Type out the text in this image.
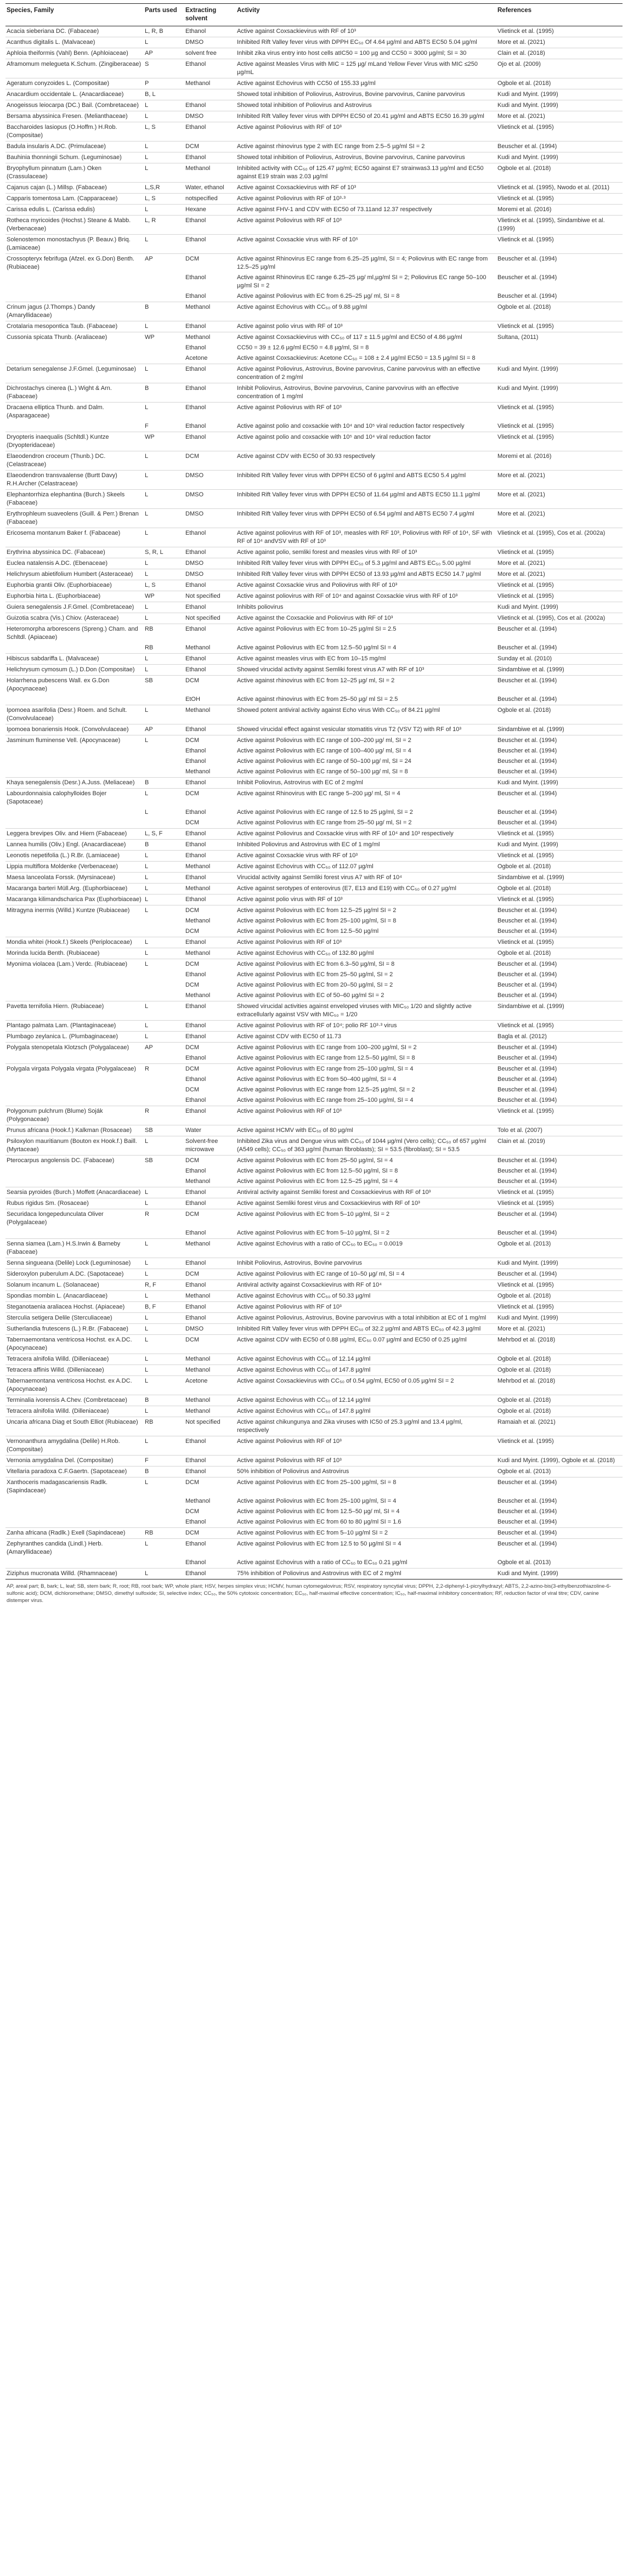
Species, Family	Parts used	Extracting solvent	Activity	References
Acacia sieberiana DC. (Fabaceae)	L, R, B	Ethanol	Active against Coxsackievirus with RF of 10³	Vlietinck et al. (1995)
Acanthus digitalis L. (Malvaceae)	L	DMSO	Inhibited Rift Valley fever virus with DPPH EC₅₀ Of 4.64 µg/ml and ABTS EC50 5.04 µg/ml	More et al. (2021)
Aphloia theiformis (Vahl) Benn. (Aphloiaceae)	AP	solvent free	Inhibit zika virus entry into host cells atIC50 = 100 µg and CC50 = 3000 µg/ml; SI = 30	Clain et al. (2018)
Aframomum melegueta K.Schum. (Zingiberaceae)	S	Ethanol	Active against Measles Virus with MIC = 125 µg/ mLand Yellow Fever Virus with MIC ≤250 µg/mL	Ojo et al. (2009)
Ageratum conyzoides L. (Compositae)	P	Methanol	Active against Echovirus with CC50 of 155.33 µg/ml	Ogbole et al. (2018)
Anacardium occidentale L. (Anacardiaceae)	B, L		Showed total inhibition of Poliovirus, Astrovirus, Bovine parvovirus, Canine parvovirus	Kudi and Myint. (1999)
Anogeissus leiocarpa (DC.) Bail. (Combretaceae)	L	Ethanol	Showed total inhibition of Poliovirus and Astrovirus	Kudi and Myint. (1999)
Bersama abyssinica Fresen. (Melianthaceae)	L	DMSO	Inhibited Rift Valley fever virus with DPPH EC50 of 20.41 µg/ml and ABTS EC50 16.39 µg/ml	More et al. (2021)
Baccharoides lasiopus (O.Hoffm.) H.Rob. (Compositae)	L, S	Ethanol	Active against Poliovirus with RF of 10³	Vlietinck et al. (1995)
Badula insularis A.DC. (Primulaceae)	L	DCM	Active against rhinovirus type 2 with EC range from 2.5–5 µg/ml SI = 2	Beuscher et al. (1994)
Bauhinia thonningii Schum. (Leguminosae)	L	Ethanol	Showed total inhibition of Poliovirus, Astrovirus, Bovine parvovirus, Canine parvovirus	Kudi and Myint. (1999)
Bryophyllum pinnatum (Lam.) Oken (Crassulaceae)	L	Methanol	Inhibited activity with CC₅₀ of 125.47 µg/ml; EC50 against E7 strainwas3.13 µg/ml and EC50 against E19 strain was 2.03 µg/ml	Ogbole et al. (2018)
Cajanus cajan (L.) Millsp. (Fabaceae)	L,S,R	Water, ethanol	Active against Coxsackievirus with RF of 10³	Vlietinck et al. (1995), Nwodo et al. (2011)
Capparis tomentosa Lam. (Capparaceae)	L, S	notspecified	Active against Poliovirus with RF of 10³·³	Vlietinck et al. (1995)
Carissa edulis L. (Carissa edulis)	L	Hexane	Active against FHV-1 and CDV with EC50 of 73.11and 12.37 respectively	Moremi et al. (2016)
Rotheca myricoides (Hochst.) Steane & Mabb. (Verbenaceae)	L, R	Ethanol	Active against Poliovirus with RF of 10³	Vlietinck et al. (1995), Sindambiwe et al. (1999)
Solenostemon monostachyus (P. Beauv.) Briq. (Lamiaceae)	L	Ethanol	Active against Coxsackie virus with RF of 10⁵	Vlietinck et al. (1995)
Crossopteryx febrifuga (Afzel. ex G.Don) Benth. (Rubiaceae)	AP	DCM	Active against Rhinovirus EC range from 6.25–25 µg/ml, SI = 4; Poliovirus with EC range from 12.5–25 µg/ml	Beuscher et al. (1994)
		Ethanol	Active against Rhinovirus EC range 6.25–25 µg/ ml,µg/ml SI = 2; Poliovirus EC range 50–100 µg/ml SI = 2	Beuscher et al. (1994)
		Ethanol	Active against Poliovirus with EC from 6.25–25 µg/ ml, SI = 8	Beuscher et al. (1994)
Crinum jagus (J.Thomps.) Dandy (Amaryllidaceae)	B	Methanol	Active against Echovirus with CC₅₀ of 9.88 µg/ml	Ogbole et al. (2018)
Crotalaria mesopontica Taub. (Fabaceae)	L	Ethanol	Active against polio virus with RF of 10³	Vlietinck et al. (1995)
Cussonia spicata Thunb. (Araliaceae)	WP	Methanol	Active against Coxsackievirus with CC₅₀ of 117 ± 11.5 µg/ml and EC50 of 4.86 µg/ml	Sultana, (2011)
		Ethanol	CC50 = 39 ± 12.6 µg/ml EC50 = 4.8 µg/ml, SI = 8	
		Acetone	Active against Coxsackievirus: Acetone CC₅₀ = 108 ± 2.4 µg/ml EC50 = 13.5 µg/ml SI = 8	
Detarium senegalense J.F.Gmel. (Leguminosae)	L	Ethanol	Active against Poliovirus, Astrovirus, Bovine parvovirus, Canine parvovirus with an effective concentration of 2 mg/ml	Kudi and Myint. (1999)
Dichrostachys cinerea (L.) Wight & Arn. (Fabaceae)	B	Ethanol	Inhibit Poliovirus, Astrovirus, Bovine parvovirus, Canine parvovirus with an effective concentration of 1 mg/ml	Kudi and Myint. (1999)
Dracaena elliptica Thunb. and Dalm. (Asparagaceae)	L	Ethanol	Active against Poliovirus with RF of 10³	Vlietinck et al. (1995)
	F	Ethanol	Active against polio and coxsackie with 10⁴ and 10⁵ viral reduction factor respectively	Vlietinck et al. (1995)
Dryopteris inaequalis (Schltdl.) Kuntze (Dryopteridaceae)	WP	Ethanol	Active against polio and coxsackie with 10⁵ and 10⁴ viral reduction factor	Vlietinck et al. (1995)
Elaeodendron croceum (Thunb.) DC. (Celastraceae)	L	DCM	Active against CDV with EC50 of 30.93 respectively	Moremi et al. (2016)
Elaeodendron transvaalense (Burtt Davy) R.H.Archer (Celastraceae)	L	DMSO	Inhibited Rift Valley fever virus with DPPH EC50 of 6 µg/ml and ABTS EC50 5.4 µg/ml	More et al. (2021)
Elephantorrhiza elephantina (Burch.) Skeels (Fabaceae)	L	DMSO	Inhibited Rift Valley fever virus with DPPH EC50 of 11.64 µg/ml and ABTS EC50 11.1 µg/ml	More et al. (2021)
Erythrophleum suaveolens (Guill. & Perr.) Brenan (Fabaceae)	L	DMSO	Inhibited Rift Valley fever virus with DPPH EC50 of 6.54 µg/ml and ABTS EC50 7.4 µg/ml	More et al. (2021)
Ericosema montanum Baker f. (Fabaceae)	L	Ethanol	Active against poliovirus with RF of 10³, measles with RF 10³, Poliovirus with RF of 10⁴, SF with RF of 10⁴ andVSV with RF of 10³	Vlietinck et al. (1995), Cos et al. (2002a)
Erythrina abyssinica DC. (Fabaceae)	S, R, L	Ethanol	Active against polio, semliki forest and measles virus with RF of 10³	Vlietinck et al. (1995)
Euclea natalensis A.DC. (Ebenaceae)	L	DMSO	Inhibited Rift Valley fever virus with DPPH EC₅₀ of 5.3 µg/ml and ABTS EC₅₀ 5.00 µg/ml	More et al. (2021)
Helichrysum abietifolium Humbert (Asteraceae)	L	DMSO	Inhibited Rift Valley fever virus with DPPH EC50 of 13.93 µg/ml and ABTS EC50 14.7 µg/ml	More et al. (2021)
Euphorbia grantii Oliv. (Euphorbiaceae)	L, S	Ethanol	Active against Coxsackie virus and Poliovirus with RF of 10³	Vlietinck et al. (1995)
Euphorbia hirta L. (Euphorbiaceae)	WP	Not specified	Active against poliovirus with RF of 10⁴ and against Coxsackie virus with RF of 10³	Vlietinck et al. (1995)
Guiera senegalensis J.F.Gmel. (Combretaceae)	L	Ethanol	Inhibits poliovirus	Kudi and Myint. (1999)
Guizotia scabra (Vis.) Chiov. (Asteraceae)	L	Not specified	Active against the Coxsackie and Poliovirus with RF of 10³	Vlietinck et al. (1995), Cos et al. (2002a)
Heteromorpha arborescens (Spreng.) Cham. and Schltdl. (Apiaceae)	RB	Ethanol	Active against Poliovirus with EC from 10–25 µg/ml SI = 2.5	Beuscher et al. (1994)
	RB	Methanol	Active against Poliovirus with EC from 12.5–50 µg/ml SI = 4	Beuscher et al. (1994)
Hibiscus sabdariffa L. (Malvaceae)	L	Ethanol	Active against measles virus with EC from 10–15 mg/ml	Sunday et al. (2010)
Helichrysum cymosum (L.) D.Don (Compositae)	L	Ethanol	Showed virucidal activity against Semliki forest virus A7 with RF of 10³	Sindambiwe et al. (1999)
Holarrhena pubescens Wall. ex G.Don (Apocynaceae)	SB	DCM	Active against rhinovirus with EC from 12–25 µg/ ml, SI = 2	Beuscher et al. (1994)
		EtOH	Active against rhinovirus with EC from 25–50 µg/ ml SI = 2.5	Beuscher et al. (1994)
Ipomoea asarifolia (Desr.) Roem. and Schult. (Convolvulaceae)	L	Methanol	Showed potent antiviral activity against Echo virus With CC₅₀ of 84.21 µg/ml	Ogbole et al. (2018)
Ipomoea bonariensis Hook. (Convolvulaceae)	AP	Ethanol	Showed virucidal effect against vesicular stomatitis virus T2 (VSV T2) with RF of 10³	Sindambiwe et al. (1999)
Jasminum fluminense Vell. (Apocynaceae)	L	DCM	Active against Poliovirus with EC range of 100–200 µg/ ml, SI = 2	Beuscher et al. (1994)
		Ethanol	Active against Poliovirus with EC range of 100–400 µg/ ml, SI = 4	Beuscher et al. (1994)
		Ethanol	Active against Poliovirus with EC range of 50–100 µg/ ml, SI = 24	Beuscher et al. (1994)
		Methanol	Active against Poliovirus with EC range of 50–100 µg/ ml, SI = 8	Beuscher et al. (1994)
Khaya senegalensis (Desr.) A.Juss. (Meliaceae)	B	Ethanol	Inhibit Poliovirus, Astrovirus with EC of 2 mg/ml	Kudi and Myint. (1999)
Labourdonnaisia calophylloides Bojer (Sapotaceae)	L	DCM	Active against Rhinovirus with EC range 5–200 µg/ ml, SI = 4	Beuscher et al. (1994)
	L	Ethanol	Active against Poliovirus with EC range of 12.5 to 25 µg/ml, SI = 2	Beuscher et al. (1994)
		DCM	Active against Poliovirus with EC range from 25–50 µg/ ml, SI = 2	Beuscher et al. (1994)
Leggera brevipes Oliv. and Hiern (Fabaceae)	L, S, F	Ethanol	Active against Poliovirus and Coxsackie virus with RF of 10⁴ and 10³ respectively	Vlietinck et al. (1995)
Lannea humilis (Oliv.) Engl. (Anacardiaceae)	B	Ethanol	Inhibited Poliovirus and Astrovirus with EC of 1 mg/ml	Kudi and Myint. (1999)
Leonotis nepetifolia (L.) R.Br. (Lamiaceae)	L	Ethanol	Active against Coxsackie virus with RF of 10³	Vlietinck et al. (1995)
Lippia multiflora Moldenke (Verbenaceae)	L	Methanol	Active against Echovirus with CC₅₀ of 112.07 µg/ml	Ogbole et al. (2018)
Maesa lanceolata Forssk. (Myrsinaceae)	L	Ethanol	Virucidal activity against Semliki forest virus A7 with RF of 10⁴	Sindambiwe et al. (1999)
Macaranga barteri Müll.Arg. (Euphorbiaceae)	L	Methanol	Active against serotypes of enterovirus (E7, E13 and E19) with CC₅₀ of 0.27 µg/ml	Ogbole et al. (2018)
Macaranga kilimandscharica Pax (Euphorbiaceae)	L	Ethanol	Active against polio virus with RF of 10³	Vlietinck et al. (1995)
Mitragyna inermis (Willd.) Kuntze (Rubiaceae)	L	DCM	Active against Poliovirus with EC from 12.5–25 µg/ml SI = 2	Beuscher et al. (1994)
		Methanol	Active against Poliovirus with EC from 25–100 µg/ml, SI = 8	Beuscher et al. (1994)
		DCM	Active against Poliovirus with EC from 12.5–50 µg/ml	Beuscher et al. (1994)
Mondia whitei (Hook.f.) Skeels (Periplocaceae)	L	Ethanol	Active against Poliovirus with RF of 10³	Vlietinck et al. (1995)
Morinda lucida Benth. (Rubiaceae)	L	Methanol	Active against Echovirus with CC₅₀ of 132.80 µg/ml	Ogbole et al. (2018)
Myonima violacea (Lam.) Verdc. (Rubiaceae)	L	DCM	Active against Poliovirus with EC from 6.3–50 µg/ml, SI = 8	Beuscher et al. (1994)
		Ethanol	Active against Poliovirus with EC from 25–50 µg/ml, SI = 2	Beuscher et al. (1994)
		DCM	Active against Poliovirus with EC from 20–50 µg/ml, SI = 2	Beuscher et al. (1994)
		Methanol	Active against Poliovirus with EC of 50–60 µg/ml SI = 2	Beuscher et al. (1994)
Pavetta ternifolia Hiern. (Rubiaceae)	L	Ethanol	Showed virucidal activities against enveloped viruses with MIC₅₀ 1/20 and slightly active extracellularly against VSV with MIC₅₀ = 1/20	Sindambiwe et al. (1999)
Plantago palmata Lam. (Plantaginaceae)	L	Ethanol	Active against Poliovirus with RF of 10⁴; polio RF 10³·³ virus	Vlietinck et al. (1995)
Plumbago zeylanica L. (Plumbaginaceae)	L	Ethanol	Active against CDV with EC50 of 11.73	Bagla et al. (2012)
Polygala stenopetala Klotzsch (Polygalaceae)	AP	DCM	Active against Poliovirus with EC range from 100–200 µg/ml, SI = 2	Beuscher et al. (1994)
		Ethanol	Active against Poliovirus with EC range from 12.5–50 µg/ml, SI = 8	Beuscher et al. (1994)
Polygala virgata Polygala virgata (Polygalaceae)	R	DCM	Active against Poliovirus with EC range from 25–100 µg/ml, SI = 4	Beuscher et al. (1994)
		Ethanol	Active against Poliovirus with EC from 50–400 µg/ml, SI = 4	Beuscher et al. (1994)
		DCM	Active against Poliovirus with EC range from 12.5–25 µg/ml, SI = 2	Beuscher et al. (1994)
		Ethanol	Active against Poliovirus with EC range from 25–100 µg/ml, SI = 4	Beuscher et al. (1994)
Polygonum pulchrum (Blume) Soják (Polygonaceae)	R	Ethanol	Active against Poliovirus with RF of 10³	Vlietinck et al. (1995)
Prunus africana (Hook.f.) Kalkman (Rosaceae)	SB	Water	Active against HCMV with EC₅₀ of 80 µg/ml	Tolo et al. (2007)
Psiloxylon mauritianum (Bouton ex Hook.f.) Baill. (Myrtaceae)	L	Solvent-free microwave	Inhibited Zika virus and Dengue virus with CC₅₀ of 1044 µg/ml (Vero cells); CC₅₀ of 657 µg/ml (A549 cells); CC₅₀ of 363 µg/ml (human fibroblasts); SI = 53.5 (fibroblast); SI = 53.5	Clain et al. (2019)
Pterocarpus angolensis DC. (Fabaceae)	SB	DCM	Active against Poliovirus with EC from 25–50 µg/ml, SI = 4	Beuscher et al. (1994)
		Ethanol	Active against Poliovirus with EC from 12.5–50 µg/ml, SI = 8	Beuscher et al. (1994)
		Methanol	Active against Poliovirus with EC from 12.5–25 µg/ml, SI = 4	Beuscher et al. (1994)
Searsia pyroides (Burch.) Moffett (Anacardiaceae)	L	Ethanol	Antiviral activity against Semliki forest and Coxsackievirus with RF of 10³	Vlietinck et al. (1995)
Rubus rigidus Sm. (Rosaceae)	L	Ethanol	Active against Semliki forest virus and Coxsackievirus with RF of 10³	Vlietinck et al. (1995)
Securidaca longepedunculata Oliver (Polygalaceae)	R	DCM	Active against Poliovirus with EC from 5–10 µg/ml, SI = 2	Beuscher et al. (1994)
		Ethanol	Active against Poliovirus with EC from 5–10 µg/ml, SI = 2	Beuscher et al. (1994)
Senna siamea (Lam.) H.S.Irwin & Barneby (Fabaceae)	L	Methanol	Active against Echovirus with a ratio of CC₅₀ to EC₅₀ = 0.0019	Ogbole et al. (2013)
Senna singueana (Delile) Lock (Leguminosae)	L	Ethanol	Inhibit Poliovirus, Astrovirus, Bovine parvovirus	Kudi and Myint. (1999)
Sideroxylon puberulum A.DC. (Sapotaceae)	L	DCM	Active against Poliovirus with EC range of 10–50 µg/ ml, SI = 4	Beuscher et al. (1994)
Solanum incanum L. (Solanaceae)	R, F	Ethanol	Antiviral activity against Coxsackievirus with RF of 10⁴	Vlietinck et al. (1995)
Spondias mombin L. (Anacardiaceae)	L	Methanol	Active against Echovirus with CC₅₀ of 50.33 µg/ml	Ogbole et al. (2018)
Steganotaenia araliacea Hochst. (Apiaceae)	B, F	Ethanol	Active against Poliovirus with RF of 10³	Vlietinck et al. (1995)
Sterculia setigera Delile (Sterculiaceae)	L	Ethanol	Active against Poliovirus, Astrovirus, Bovine parvovirus with a total inhibition at EC of 1 mg/ml	Kudi and Myint. (1999)
Sutherlandia frutescens (L.) R.Br. (Fabaceae)	L	DMSO	Inhibited Rift Valley fever virus with DPPH EC₅₀ of 32.2 µg/ml and ABTS EC₅₀ of 42.3 µg/ml	More et al. (2021)
Tabernaemontana ventricosa Hochst. ex A.DC. (Apocynaceae)	L	DCM	Active against CDV with EC50 of 0.88 µg/ml, EC₅₀ 0.07 µg/ml and EC50 of 0.25 µg/ml	Mehrbod et al. (2018)
Tetracera alnifolia Willd. (Dilleniaceae)	L	Methanol	Active against Echovirus with CC₅₀ of 12.14 µg/ml	Ogbole et al. (2018)
Tetracera affinis Willd. (Dilleniaceae)	L	Methanol	Active against Echovirus with CC₅₀ of 147.8 µg/ml	Ogbole et al. (2018)
Tabernaemontana ventricosa Hochst. ex A.DC. (Apocynaceae)	L	Acetone	Active against Coxsackievirus with CC₅₀ of 0.54 µg/ml, EC50 of 0.05 µg/ml SI = 2	Mehrbod et al. (2018)
Terminalia ivorensis A.Chev. (Combretaceae)	B	Methanol	Active against Echovirus with CC₅₀ of 12.14 µg/ml	Ogbole et al. (2018)
Tetracera alnifolia Willd. (Dilleniaceae)	L	Methanol	Active against Echovirus with CC₅₀ of 147.8 µg/ml	Ogbole et al. (2018)
Uncaria africana Diag et South Elliot (Rubiaceae)	RB	Not specified	Active against chikungunya and Zika viruses with IC50 of 25.3 µg/ml and 13.4 µg/ml, respectively	Ramaiah et al. (2021)
Vernonanthura amygdalina (Delile) H.Rob. (Compositae)	L	Ethanol	Active against Poliovirus with RF of 10³	Vlietinck et al. (1995)
Vernonia amygdalina Del. (Compositae)	F	Ethanol	Active against Poliovirus with RF of 10³	Kudi and Myint. (1999), Ogbole et al. (2018)
Vitellaria paradoxa C.F.Gaertn. (Sapotaceae)	B	Ethanol	50% inhibition of Poliovirus and Astrovirus	Ogbole et al. (2013)
Xanthoceris madagascariensis Radlk. (Sapindaceae)	L	DCM	Active against Poliovirus with EC from 25–100 µg/ml, SI = 8	Beuscher et al. (1994)
		Methanol	Active against Poliovirus with EC from 25–100 µg/ml, SI = 4	Beuscher et al. (1994)
		DCM	Active against Poliovirus with EC from 12.5–50 µg/ ml, SI = 4	Beuscher et al. (1994)
		Ethanol	Active against Poliovirus with EC from 60 to 80 µg/ml SI = 1.6	Beuscher et al. (1994)
Zanha africana (Radlk.) Exell (Sapindaceae)	RB	DCM	Active against Poliovirus with EC from 5–10 µg/ml SI = 2	Beuscher et al. (1994)
Zephyranthes candida (Lindl.) Herb. (Amaryllidaceae)	L	Ethanol	Active against Poliovirus with EC from 12.5 to 50 µg/ml SI = 4	Beuscher et al. (1994)
		Ethanol	Active against Echovirus with a ratio of CC₅₀ to EC₅₀ 0.21 µg/ml	Ogbole et al. (2013)
Ziziphus mucronata Willd. (Rhamnaceae)	L	Ethanol	75% inhibition of Poliovirus and Astrovirus with EC of 2 mg/ml	Kudi and Myint. (1999)
AP, areal part; B, bark; L, leaf; SB, stem bark; R, root; RB, root bark; WP, whole plant; HSV, herpes simplex virus; HCMV, human cytomegalovirus; RSV, respiratory syncytial virus; DPPH, 2,2-diphenyl-1-picrylhydrazyl; ABTS, 2,2-azino-bis(3-ethylbenzothiazoline-6-sulfonic acid); DCM, dichloromethane; DMSO, dimethyl sulfoxide; SI, selective index; CC₅₀, the 50% cytotoxic concentration; EC₅₀, half-maximal effective concentration; IC₅₀, half-maximal inhibitory concentration; RF, reduction factor of viral titre; CDV, canine distemper virus.
